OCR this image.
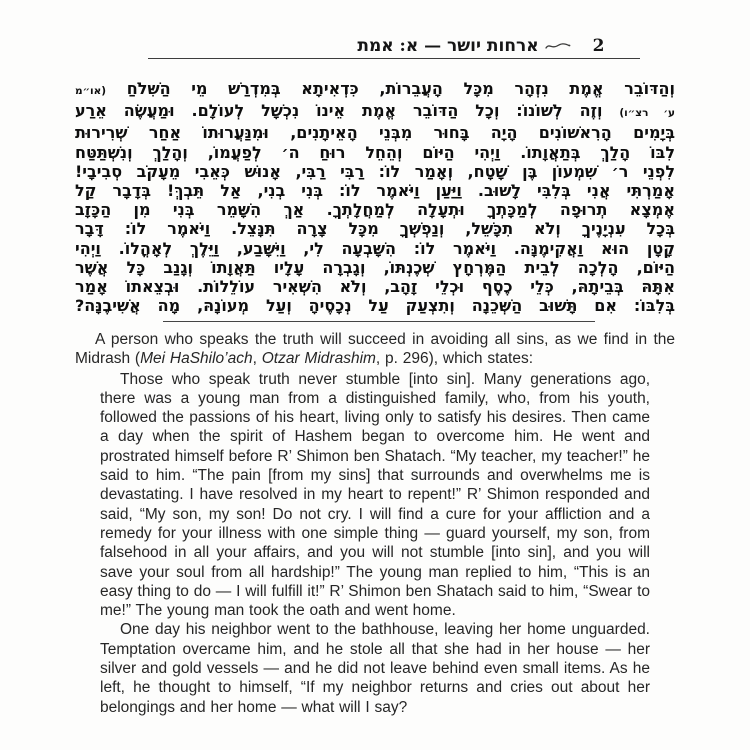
2
ארחות יושר — א: אמת
וְהַדּוֹבֵר אֱמֶת נִזְהָר מִכָּל הָעֲבֵרוֹת, כִּדְאִיתָא בְּמִדְרַשׁ מֵי הַשִּׁלֹחַ (או״מ
ע׳ רצ״ו) וְזֶה לְשׁוֹנוֹ: וְכָל הַדּוֹבֵר אֱמֶת אֵינוֹ נִכְשָׁל לְעוֹלָם. וּמַעֲשֶׂה אֵרַע
בְּיָמִים הָרִאשׁוֹנִים הָיָה בָּחוּר מִבְּנֵי הָאֵיתָנִים, וּמִנַּעֲרוּתוֹ אַחַר שְׁרִירוּת
לִבּוֹ הָלַךְ בְּתַאֲוָתוֹ. וַיְהִי הַיּוֹם וְהֵחֵל רוּחַ ה׳ לְפַעֲמוֹ, וְהָלַךְ וְנִשְׁתַּטַּח
לִפְנֵי ר׳ שִׁמְעוֹן בֶּן שָׁטָח, וְאָמַר לוֹ: רַבִּי רַבִּי, אָנוּשׁ כְּאֵבִי מֵעָקֹב סְבִיבָי!
אָמַרְתִּי אֲנִי בְּלִבִּי לָשׁוּב. וַיַּעַן וַיֹּאמֶר לוֹ: בְּנִי בְנִי, אַל תֵּבְךְּ! בְּדָבָר קַל
אֶמְצָא תְרוּפָה לְמַכָּתְךָ וּתְעָלָה לְמַחֲלָתְךָ. אַךְ הִשָּׁמֵר בְּנִי מִן הַכָּזָב
בְּכָל עִנְיָנֶיךָ וְלֹא תִכָּשֵׁל, וְנַפְשְׁךָ מִכָּל צָרָה תִּנָּצֵל. וַיֹּאמֶר לוֹ: דָּבָר
קָטָן הוּא וַאֲקִימֶנָּה. וַיֹּאמֶר לוֹ: הִשָּׁבְעָה לִי, וַיִּשָּׁבַע, וַיֵּלֶךְ לְאָהֳלוֹ. וַיְהִי
הַיּוֹם, הָלְכָה לְבֵית הַמֶּרְחָץ שְׁכֶנְתּוֹ, וְגָבְרָה עָלָיו תַּאֲוָתוֹ וְגָנַב כָּל אֲשֶׁר
אִתָּהּ בְּבֵיתָהּ, כְּלֵי כֶסֶף וּכְלֵי זָהָב, וְלֹא הִשְׁאִיר עוֹלֵלוֹת. וּבְצֵאתוֹ אָמַר
בְּלִבּוֹ: אִם תָּשׁוּב הַשְּׁכֵנָה וְתִצְעַק עַל נְכָסֶיהָ וְעַל מְעוֹנָהּ, מָה אֲשִׁיבֶנָּה?

A person who speaks the truth will succeed in avoiding all sins, as we find in the Midrash (Mei HaShilo’ach, Otzar Midrashim, p. 296), which states:

Those who speak truth never stumble [into sin]. Many generations ago, there was a young man from a distinguished family, who, from his youth, followed the passions of his heart, living only to satisfy his desires. Then came a day when the spirit of Hashem began to overcome him. He went and prostrated himself before R’ Shimon ben Shatach. “My teacher, my teacher!” he said to him. “The pain [from my sins] that surrounds and overwhelms me is devastating. I have resolved in my heart to repent!” R’ Shimon responded and said, “My son, my son! Do not cry. I will find a cure for your affliction and a remedy for your illness with one simple thing — guard yourself, my son, from falsehood in all your affairs, and you will not stumble [into sin], and you will save your soul from all hardship!” The young man replied to him, “This is an easy thing to do — I will fulfill it!” R’ Shimon ben Shatach said to him, “Swear to me!” The young man took the oath and went home.

One day his neighbor went to the bathhouse, leaving her home unguarded. Temptation overcame him, and he stole all that she had in her house — her silver and gold vessels — and he did not leave behind even small items. As he left, he thought to himself, “If my neighbor returns and cries out about her belongings and her home — what will I say?
